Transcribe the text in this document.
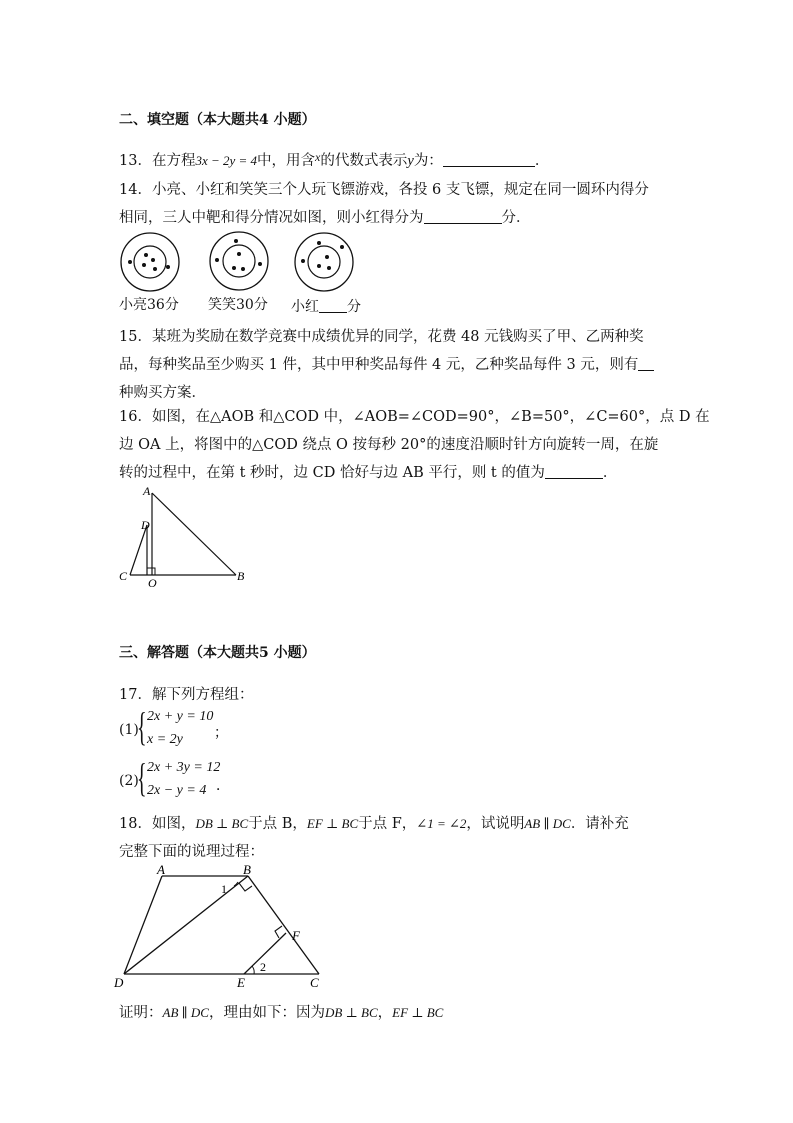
二、填空题（本大题共4 小题）
13．在方程3x − 2y = 4中，用含$^x$的代数式表示y为：	．
14．小亮、小红和笑笑三个人玩飞镖游戏，各投 6 支飞镖，规定在同一圆环内得分
相同，三人中靶和得分情况如图，则小红得分为	分．
小亮36分 笑笑30分 小红 分
15．某班为奖励在数学竞赛中成绩优异的同学，花费 48 元钱购买了甲、乙两种奖
品，每种奖品至少购买 1 件，其中甲种奖品每件 4 元，乙种奖品每件 3 元，则有
种购买方案．
16．如图，在△AOB 和△COD 中，∠AOB=∠COD=90°，∠B=50°，∠C=60°，点 D 在
边 OA 上，将图中的△COD 绕点 O 按每秒 20°的速度沿顺时针方向旋转一周，在旋
转的过程中，在第 t 秒时，边 CD 恰好与边 AB 平行，则 t 的值为	．
A
D
C O	B
三、解答题（本大题共5 小题）
17．解下列方程组：
(1)
{ 2x + y = 10
x = 2y ；
(2)
{ 2x + 3y = 12
2x − y = 4 ．
18．如图，DB ⊥ BC于点 B，EF ⊥ BC于点 F，∠1 = ∠2，试说明AB ∥ DC．请补充
完整下面的说理过程：
A	B
F
D	E	C
1
2
证明：AB ∥ DC，理由如下：因为DB ⊥ BC，EF ⊥ BC
